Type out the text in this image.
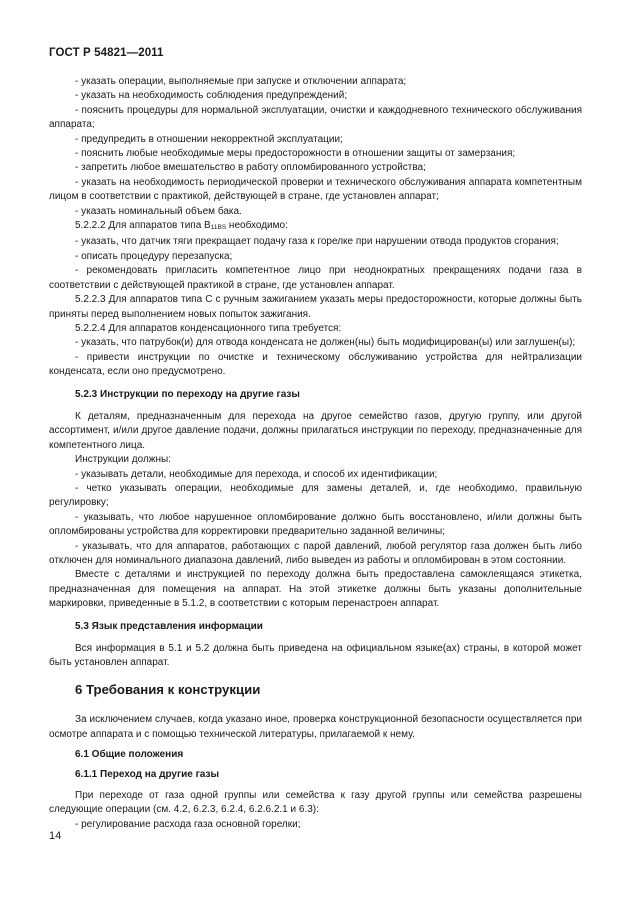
ГОСТ Р 54821—2011

- указать операции, выполняемые при запуске и отключении аппарата;

- указать на необходимость соблюдения предупреждений;

- пояснить процедуры для нормальной эксплуатации, очистки и каждодневного технического обслуживания аппарата;

- предупредить в отношении некорректной эксплуатации;

- пояснить любые необходимые меры предосторожности в отношении защиты от замерзания;

- запретить любое вмешательство в работу опломбированного устройства;

- указать на необходимость периодической проверки и технического обслуживания аппарата компетентным лицом в соответствии с практикой, действующей в стране, где установлен аппарат;

- указать номинальный объем бака.

5.2.2.2 Для аппаратов типа $B_{11BS}$ необходимо:

- указать, что датчик тяги прекращает подачу газа к горелке при нарушении отвода продуктов сгорания;

- описать процедуру перезапуска;

- рекомендовать пригласить компетентное лицо при неоднократных прекращениях подачи газа в соответствии с действующей практикой в стране, где установлен аппарат.

5.2.2.3 Для аппаратов типа С с ручным зажиганием указать меры предосторожности, которые должны быть приняты перед выполнением новых попыток зажигания.

5.2.2.4 Для аппаратов конденсационного типа требуется:

- указать, что патрубок(и) для отвода конденсата не должен(ны) быть модифицирован(ы) или заглушен(ы);

- привести инструкции по очистке и техническому обслуживанию устройства для нейтрализации конденсата, если оно предусмотрено.

5.2.3 Инструкции по переходу на другие газы

К деталям, предназначенным для перехода на другое семейство газов, другую группу, или другой ассортимент, и/или другое давление подачи, должны прилагаться инструкции по переходу, предназначенные для компетентного лица.

Инструкции должны:

- указывать детали, необходимые для перехода, и способ их идентификации;

- четко указывать операции, необходимые для замены деталей, и, где необходимо, правильную регулировку;

- указывать, что любое нарушенное опломбирование должно быть восстановлено, и/или должны быть опломбированы устройства для корректировки предварительно заданной величины;

- указывать, что для аппаратов, работающих с парой давлений, любой регулятор газа должен быть либо отключен для номинального диапазона давлений, либо выведен из работы и опломбирован в этом состоянии.

Вместе с деталями и инструкцией по переходу должна быть предоставлена самоклеящаяся этикетка, предназначенная для помещения на аппарат. На этой этикетке должны быть указаны дополнительные маркировки, приведенные в 5.1.2, в соответствии с которым перенастроен аппарат.

5.3 Язык представления информации

Вся информация в 5.1 и 5.2 должна быть приведена на официальном языке(ах) страны, в которой может быть установлен аппарат.

6 Требования к конструкции

За исключением случаев, когда указано иное, проверка конструкционной безопасности осуществляется при осмотре аппарата и с помощью технической литературы, прилагаемой к нему.

6.1 Общие положения

6.1.1 Переход на другие газы

При переходе от газа одной группы или семейства к газу другой группы или семейства разрешены следующие операции (см. 4.2, 6.2.3, 6.2.4, 6.2.6.2.1 и 6.3):

- регулирование расхода газа основной горелки;

14
